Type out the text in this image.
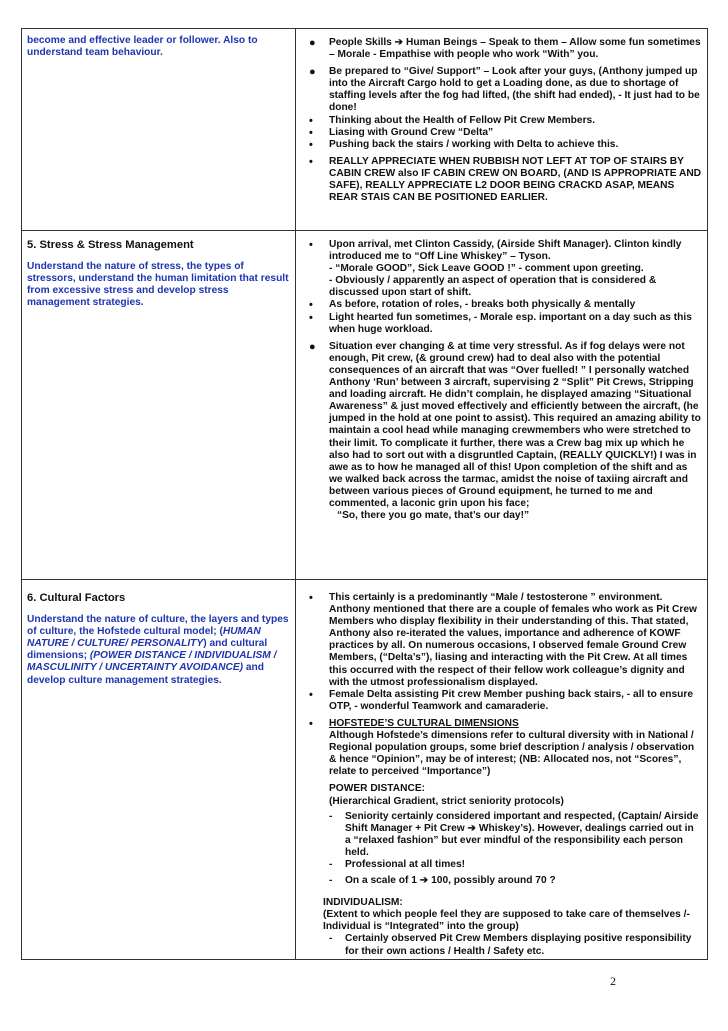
become and effective leader or follower. Also to understand team behaviour.
● People Skills ➔ Human Beings – Speak to them – Allow some fun sometimes – Morale - Empathise with people who work “With” you.
● Be prepared to “Give/ Support” – Look after your guys, (Anthony jumped up into the Aircraft Cargo hold to get a Loading done, as due to shortage of staffing levels after the fog had lifted, (the shift had ended), - It just had to be done!
• Thinking about the Health of Fellow Pit Crew Members.
• Liasing with Ground Crew “Delta”
• Pushing back the stairs / working with Delta to achieve this.
• REALLY APPRECIATE WHEN RUBBISH NOT LEFT AT TOP OF STAIRS BY CABIN CREW also IF CABIN CREW ON BOARD, (AND IS APPROPRIATE AND SAFE), REALLY APPRECIATE L2 DOOR BEING CRACKD ASAP, MEANS REAR STAIS CAN BE POSITIONED EARLIER.

5. Stress & Stress Management

Understand the nature of stress, the types of stressors, understand the human limitation that result from excessive stress and develop stress management strategies.

• Upon arrival, met Clinton Cassidy, (Airside Shift Manager). Clinton kindly introduced me to “Off Line Whiskey” – Tyson.
- “Morale GOOD”, Sick Leave GOOD !” - comment upon greeting.
- Obviously / apparently an aspect of operation that is considered & discussed upon start of shift.
• As before, rotation of roles, - breaks both physically & mentally
• Light hearted fun sometimes, - Morale esp. important on a day such as this when huge workload.
● Situation ever changing & at time very stressful. As if fog delays were not enough, Pit crew, (& ground crew) had to deal also with the potential consequences of an aircraft that was “Over fuelled! ” I personally watched Anthony ‘Run’ between 3 aircraft, supervising 2 “Split” Pit Crews, Stripping and loading aircraft. He didn’t complain, he displayed amazing “Situational Awareness” & just moved effectively and efficiently between the aircraft, (he jumped in the hold at one point to assist). This required an amazing ability to maintain a cool head while managing crewmembers who were stretched to their limit. To complicate it further, there was a Crew bag mix up which he also had to sort out with a disgruntled Captain, (REALLY QUICKLY!) I was in awe as to how he managed all of this! Upon completion of the shift and as we walked back across the tarmac, amidst the noise of taxiing aircraft and between various pieces of Ground equipment, he turned to me and commented, a laconic grin upon his face;
“So, there you go mate, that’s our day!”

6. Cultural Factors

Understand the nature of culture, the layers and types of culture, the Hofstede cultural model; (HUMAN NATURE / CULTURE/ PERSONALITY) and cultural dimensions; (POWER DISTANCE / INDIVIDUALISM / MASCULINITY / UNCERTAINTY AVOIDANCE) and develop culture management strategies.

• This certainly is a predominantly “Male / testosterone ” environment. Anthony mentioned that there are a couple of females who work as Pit Crew Members who display flexibility in their understanding of this. That stated, Anthony also re-iterated the values, importance and adherence of KOWF practices by all. On numerous occasions, I observed female Ground Crew Members, (“Delta’s”), liasing and interacting with the Pit Crew. At all times this occurred with the respect of their fellow work colleague’s dignity and with the utmost professionalism displayed.
• Female Delta assisting Pit crew Member pushing back stairs, - all to ensure OTP, - wonderful Teamwork and camaraderie.
• HOFSTEDE’S CULTURAL DIMENSIONS
Although Hofstede’s dimensions refer to cultural diversity with in National / Regional population groups, some brief description / analysis / observation & hence “Opinion”, may be of interest; (NB: Allocated nos, not “Scores”, relate to perceived “Importance”)
POWER DISTANCE:
(Hierarchical Gradient, strict seniority protocols)
- Seniority certainly considered important and respected, (Captain/ Airside Shift Manager + Pit Crew ➔ Whiskey’s). However, dealings carried out in a “relaxed fashion” but ever mindful of the responsibility each person held.
- Professional at all times!
- On a scale of 1 ➔ 100, possibly around 70 ?
INDIVIDUALISM:
(Extent to which people feel they are supposed to take care of themselves /- Individual is “Integrated” into the group)
- Certainly observed Pit Crew Members displaying positive responsibility for their own actions / Health / Safety etc.
2
